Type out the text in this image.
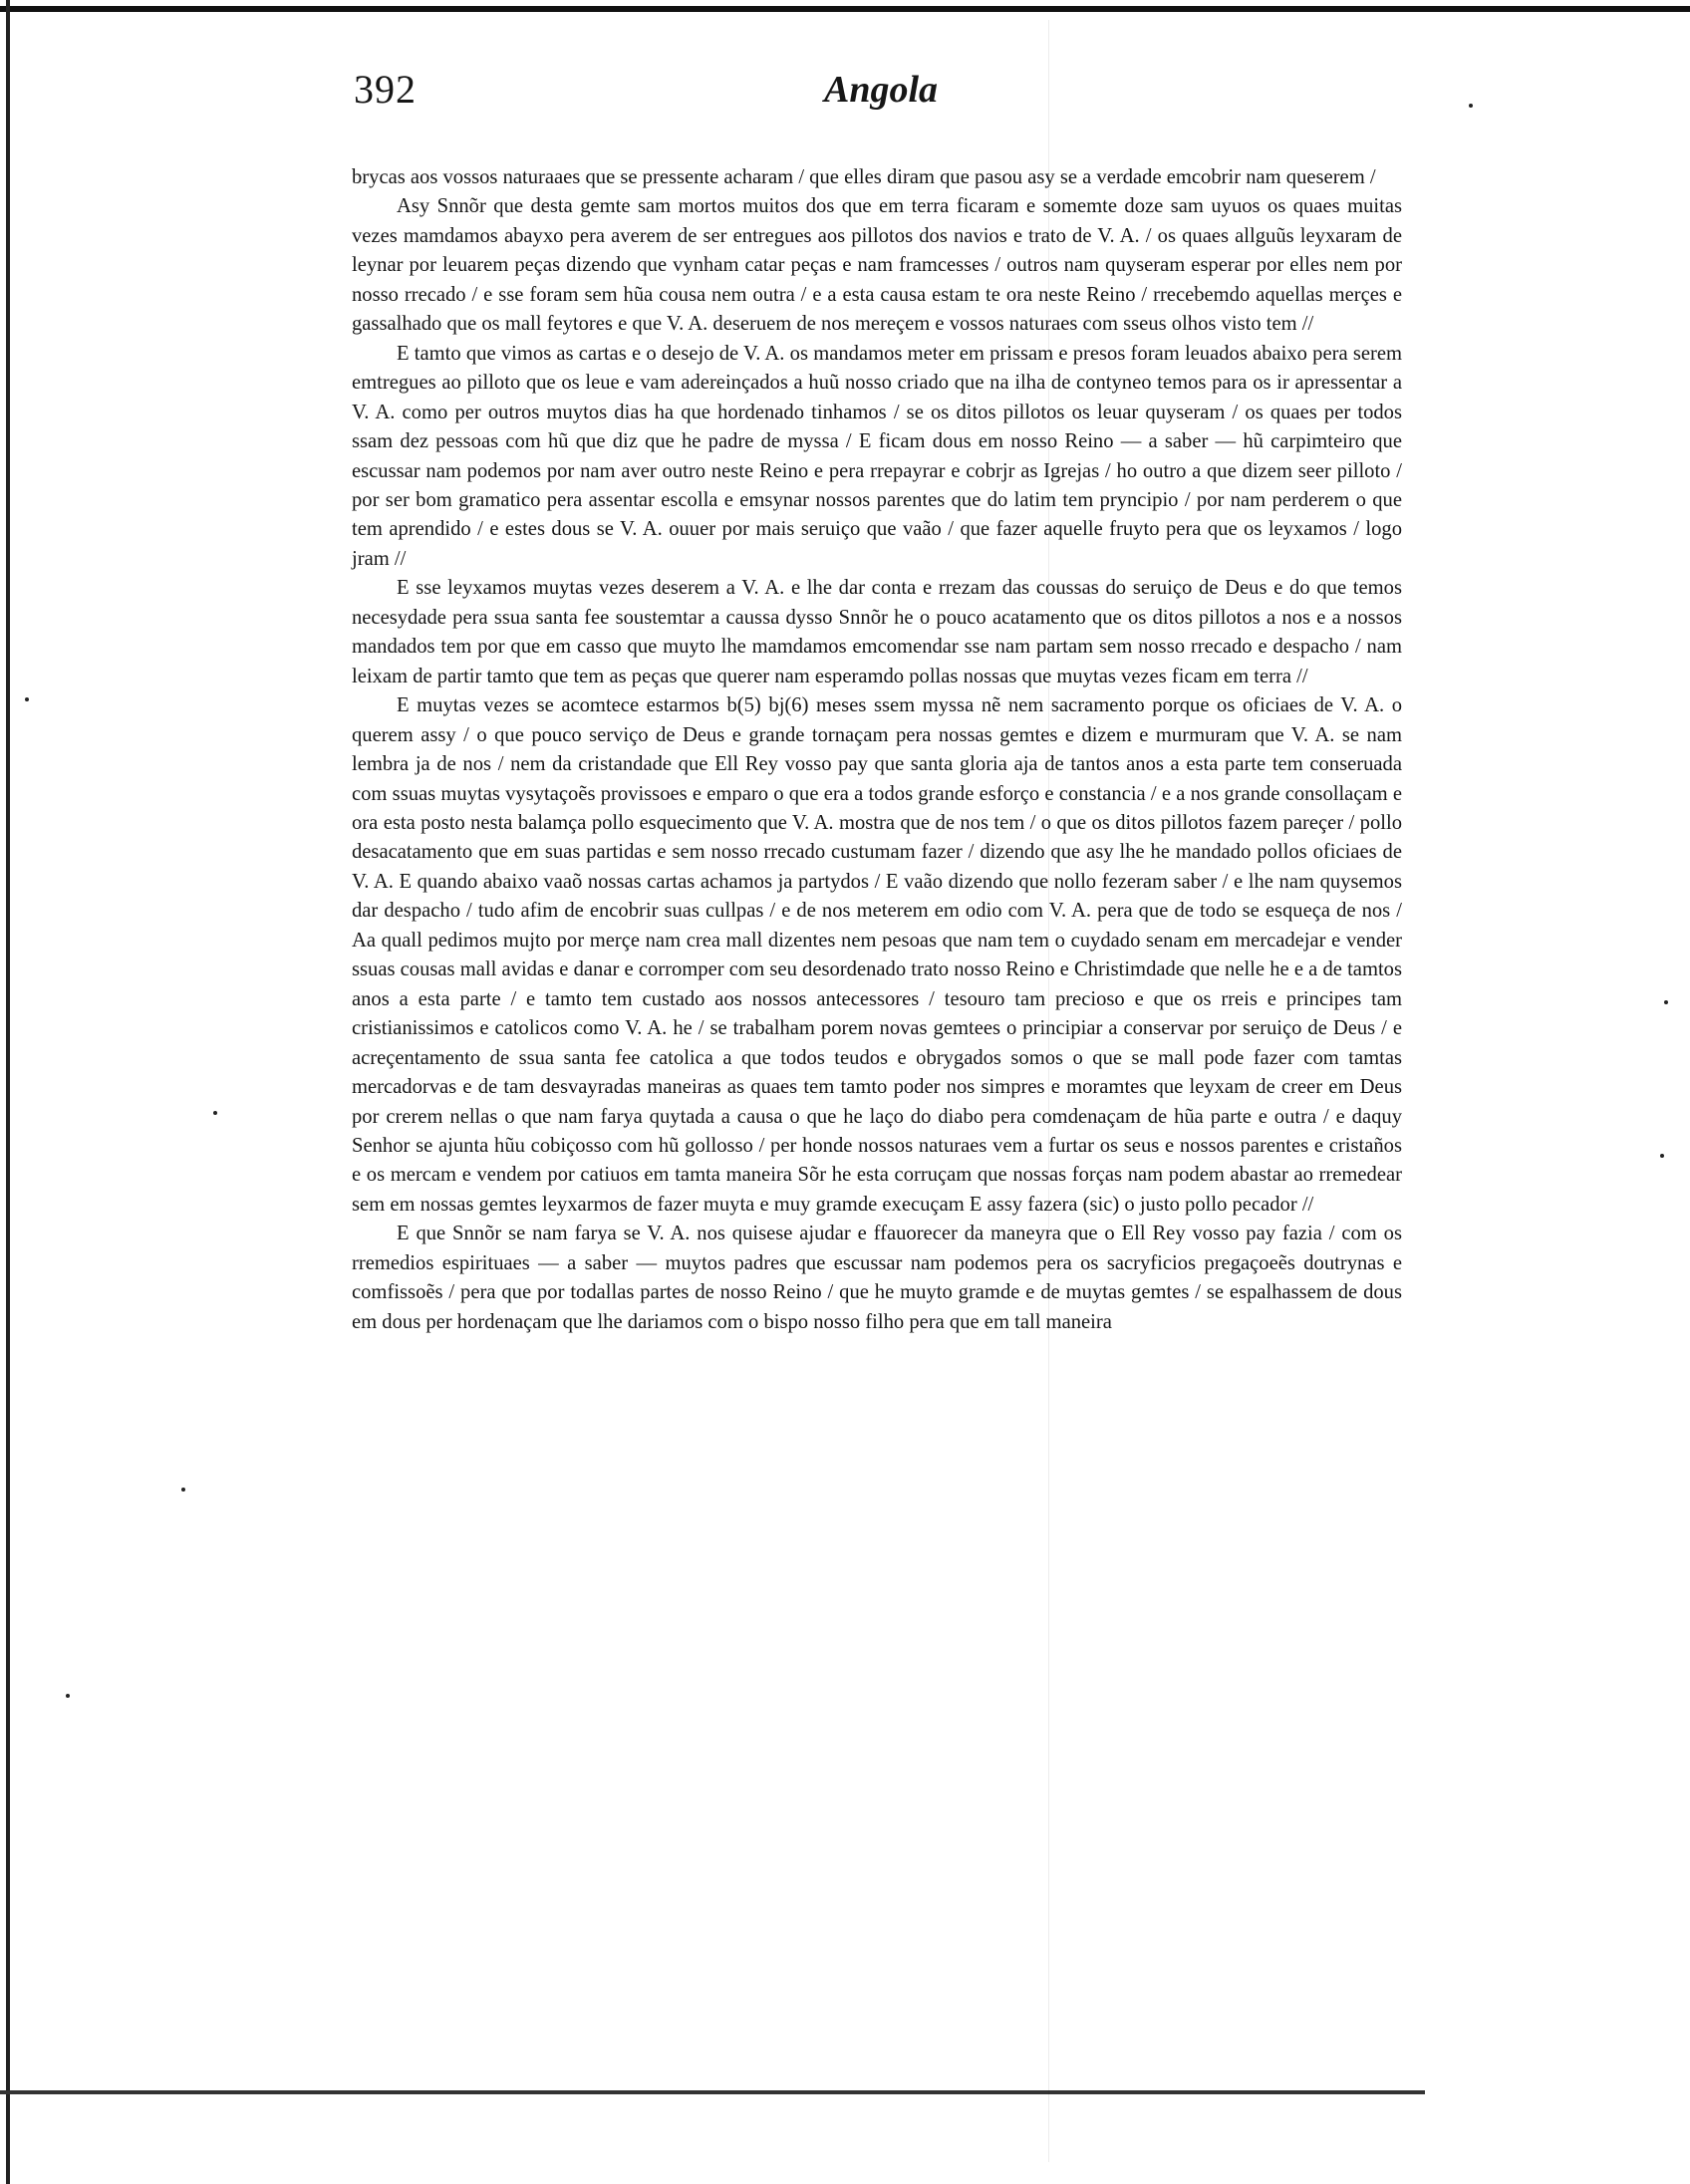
392	Angola

brycas aos vossos naturaaes que se pressente acharam / que elles diram que pasou asy se a verdade emcobrir nam queserem /

Asy Snnõr que desta gemte sam mortos muitos dos que em terra ficaram e somemte doze sam uyuos os quaes muitas vezes mamdamos abayxo pera averem de ser entregues aos pillotos dos navios e trato de V. A. / os quaes allguũs leyxaram de leynar por leuarem peças dizendo que vynham catar peças e nam framcesses / outros nam quyseram esperar por elles nem por nosso rrecado / e sse foram sem hũa cousa nem outra / e a esta causa estam te ora neste Reino / rrecebemdo aquellas merçes e gassalhado que os mall feytores e que V. A. deseruem de nos mereçem e vossos naturaes com sseus olhos visto tem //

E tamto que vimos as cartas e o desejo de V. A. os mandamos meter em prissam e presos foram leuados abaixo pera serem emtregues ao pilloto que os leue e vam adereinçados a huũ nosso criado que na ilha de contyneo temos para os ir apressentar a V. A. como per outros muytos dias ha que hordenado tinhamos / se os ditos pillotos os leuar quyseram / os quaes per todos ssam dez pessoas com hũ que diz que he padre de myssa / E ficam dous em nosso Reino — a saber — hũ carpimteiro que escussar nam podemos por nam aver outro neste Reino e pera rrepayrar e cobrjr as Igrejas / ho outro a que dizem seer pilloto / por ser bom gramatico pera assentar escolla e emsynar nossos parentes que do latim tem pryncipio / por nam perderem o que tem aprendido / e estes dous se V. A. ouuer por mais seruiço que vaão / que fazer aquelle fruyto pera que os leyxamos / logo jram //

E sse leyxamos muytas vezes deserem a V. A. e lhe dar conta e rrezam das coussas do seruiço de Deus e do que temos necesydade pera ssua santa fee soustemtar a caussa dysso Snnõr he o pouco acatamento que os ditos pillotos a nos e a nossos mandados tem por que em casso que muyto lhe mamdamos emcomendar sse nam partam sem nosso rrecado e despacho / nam leixam de partir tamto que tem as peças que querer nam esperamdo pollas nossas que muytas vezes ficam em terra //

E muytas vezes se acomtece estarmos b(5) bj(6) meses ssem myssa nẽ nem sacramento porque os oficiaes de V. A. o querem assy / o que pouco serviço de Deus e grande tornaçam pera nossas gemtes e dizem e murmuram que V. A. se nam lembra ja de nos / nem da cristandade que Ell Rey vosso pay que santa gloria aja de tantos anos a esta parte tem conseruada com ssuas muytas vysytaçoẽs provissoes e emparo o que era a todos grande esforço e constancia / e a nos grande consollaçam e ora esta posto nesta balamça pollo esquecimento que V. A. mostra que de nos tem / o que os ditos pillotos fazem pareçer / pollo desacatamento que em suas partidas e sem nosso rrecado custumam fazer / dizendo que asy lhe he mandado pollos oficiaes de V. A. E quando abaixo vaaõ nossas cartas achamos ja partydos / E vaão dizendo que nollo fezeram saber / e lhe nam quysemos dar despacho / tudo afim de encobrir suas cullpas / e de nos meterem em odio com V. A. pera que de todo se esqueça de nos / Aa quall pedimos mujto por merçe nam crea mall dizentes nem pesoas que nam tem o cuydado senam em mercadejar e vender ssuas cousas mall avidas e danar e corromper com seu desordenado trato nosso Reino e Christimdade que nelle he e a de tamtos anos a esta parte / e tamto tem custado aos nossos antecessores / tesouro tam precioso e que os rreis e principes tam cristianissimos e catolicos como V. A. he / se trabalham porem novas gemtees o principiar a conservar por seruiço de Deus / e acreçentamento de ssua santa fee catolica a que todos teudos e obrygados somos o que se mall pode fazer com tamtas mercadorvas e de tam desvayradas maneiras as quaes tem tamto poder nos simpres e moramtes que leyxam de creer em Deus por crerem nellas o que nam farya quytada a causa o que he laço do diabo pera comdenaçam de hũa parte e outra / e daquy Senhor se ajunta hũu cobiçosso com hũ gollosso / per honde nossos naturaes vem a furtar os seus e nossos parentes e cristaños e os mercam e vendem por catiuos em tamta maneira Sõr he esta corruçam que nossas forças nam podem abastar ao rremedear sem em nossas gemtes leyxarmos de fazer muyta e muy gramde execuçam E assy fazera (sic) o justo pollo pecador //

E que Snnõr se nam farya se V. A. nos quisese ajudar e ffauorecer da maneyra que o Ell Rey vosso pay fazia / com os rremedios espirituaes — a saber — muytos padres que escussar nam podemos pera os sacryficios pregaçoeẽs doutrynas e comfissoẽs / pera que por todallas partes de nosso Reino / que he muyto gramde e de muytas gemtes / se espalhassem de dous em dous per hordenaçam que lhe dariamos com o bispo nosso filho pera que em tall maneira
